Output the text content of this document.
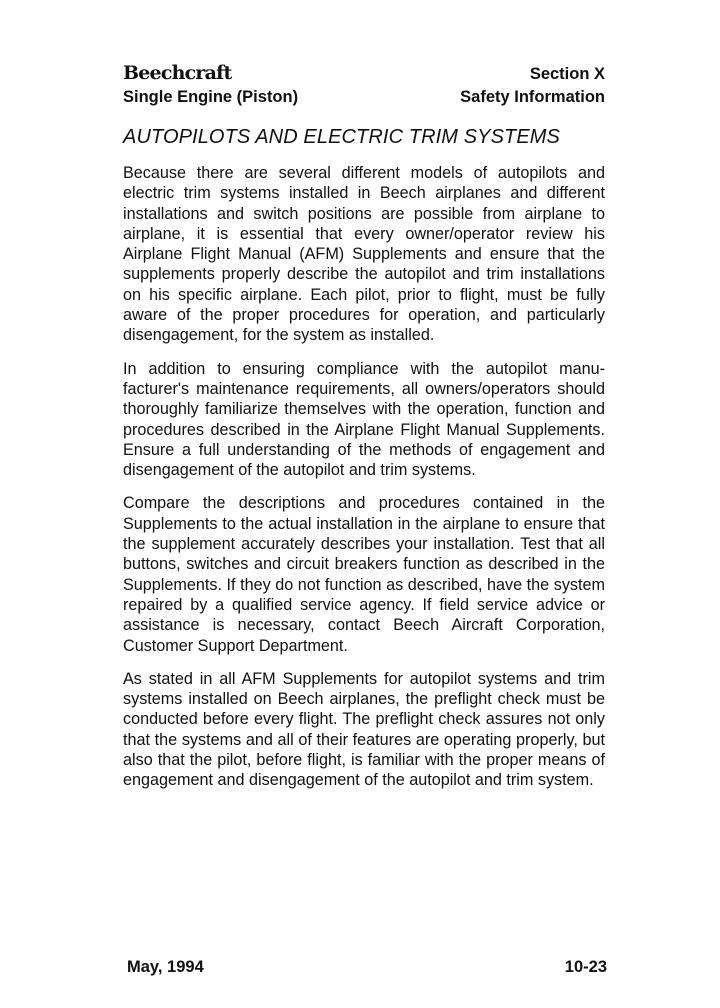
Beechcraft
Single Engine (Piston)
Section X
Safety Information
AUTOPILOTS AND ELECTRIC TRIM SYSTEMS

Because there are several different models of autopilots and electric trim systems installed in Beech airplanes and different installations and switch positions are possible from airplane to airplane, it is essential that every owner/operator review his Airplane Flight Manual (AFM) Supplements and ensure that the supplements properly describe the autopilot and trim installations on his specific airplane. Each pilot, prior to flight, must be fully aware of the proper procedures for operation, and particularly disengagement, for the system as installed.

In addition to ensuring compliance with the autopilot manufacturer's maintenance requirements, all owners/operators should thoroughly familiarize themselves with the operation, function and procedures described in the Airplane Flight Manual Supplements. Ensure a full understanding of the methods of engagement and disengagement of the autopilot and trim systems.

Compare the descriptions and procedures contained in the Supplements to the actual installation in the airplane to ensure that the supplement accurately describes your installation. Test that all buttons, switches and circuit breakers function as described in the Supplements. If they do not function as described, have the system repaired by a qualified service agency. If field service advice or assistance is necessary, contact Beech Aircraft Corporation, Customer Support Department.

As stated in all AFM Supplements for autopilot systems and trim systems installed on Beech airplanes, the preflight check must be conducted before every flight. The preflight check assures not only that the systems and all of their features are operating properly, but also that the pilot, before flight, is familiar with the proper means of engagement and disengagement of the autopilot and trim system.

May, 1994	10-23
